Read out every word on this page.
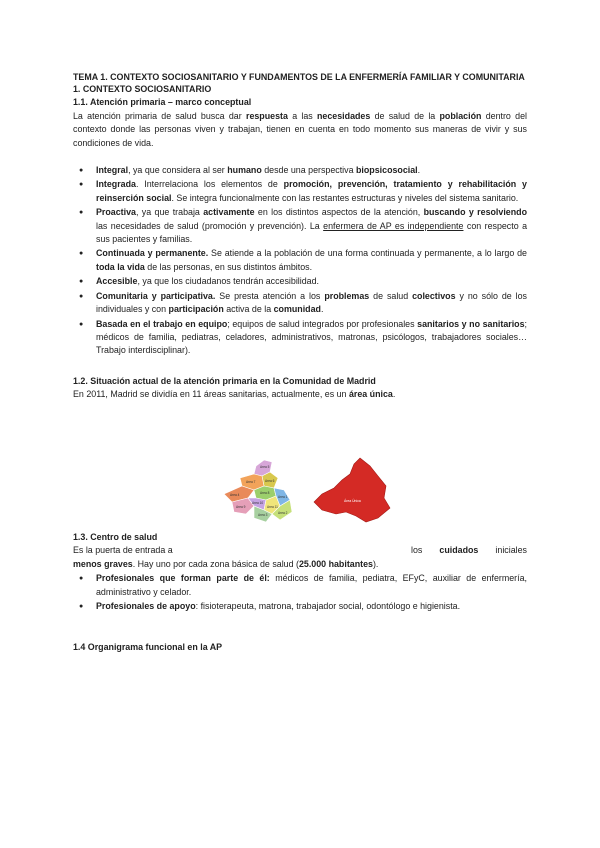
TEMA 1. CONTEXTO SOCIOSANITARIO Y FUNDAMENTOS DE LA ENFERMERÍA FAMILIAR Y COMUNITARIA

1. CONTEXTO SOCIOSANITARIO

1.1. Atención primaria – marco conceptual

La atención primaria de salud busca dar respuesta a las necesidades de salud de la población dentro del contexto donde las personas viven y trabajan, tienen en cuenta en todo momento sus maneras de vivir y sus condiciones de vida.

● Integral, ya que considera al ser humano desde una perspectiva biopsicosocial.
● Integrada. Interrelaciona los elementos de promoción, prevención, tratamiento y rehabilitación y reinserción social. Se integra funcionalmente con las restantes estructuras y niveles del sistema sanitario.
● Proactiva, ya que trabaja activamente en los distintos aspectos de la atención, buscando y resolviendo las necesidades de salud (promoción y prevención). La enfermera de AP es independiente con respecto a sus pacientes y familias.
● Continuada y permanente. Se atiende a la población de una forma continuada y permanente, a lo largo de toda la vida de las personas, en sus distintos ámbitos.
● Accesible, ya que los ciudadanos tendrán accesibilidad.
● Comunitaria y participativa. Se presta atención a los problemas de salud colectivos y no sólo de los individuales y con participación activa de la comunidad.
● Basada en el trabajo en equipo; equipos de salud integrados por profesionales sanitarios y no sanitarios; médicos de familia, pediatras, celadores, administrativos, matronas, psicólogos, trabajadores sociales… Trabajo interdisciplinar).

1.2. Situación actual de la atención primaria en la Comunidad de Madrid

En 2011, Madrid se dividía en 11 áreas sanitarias, actualmente, es un área única.

Area 5
Area 6
Area 7
Area 4	Area 8
Area 1
Area 9
Area 10
Area 11
Area 3	Area 2
Área Única

1.3. Centro de salud

Es la puerta de entrada a	los cuidados iniciales

menos graves. Hay uno por cada zona básica de salud (25.000 habitantes).

● Profesionales que forman parte de él: médicos de familia, pediatra, EFyC, auxiliar de enfermería, administrativo y celador.
● Profesionales de apoyo: fisioterapeuta, matrona, trabajador social, odontólogo e higienista.

1.4 Organigrama funcional en la AP
